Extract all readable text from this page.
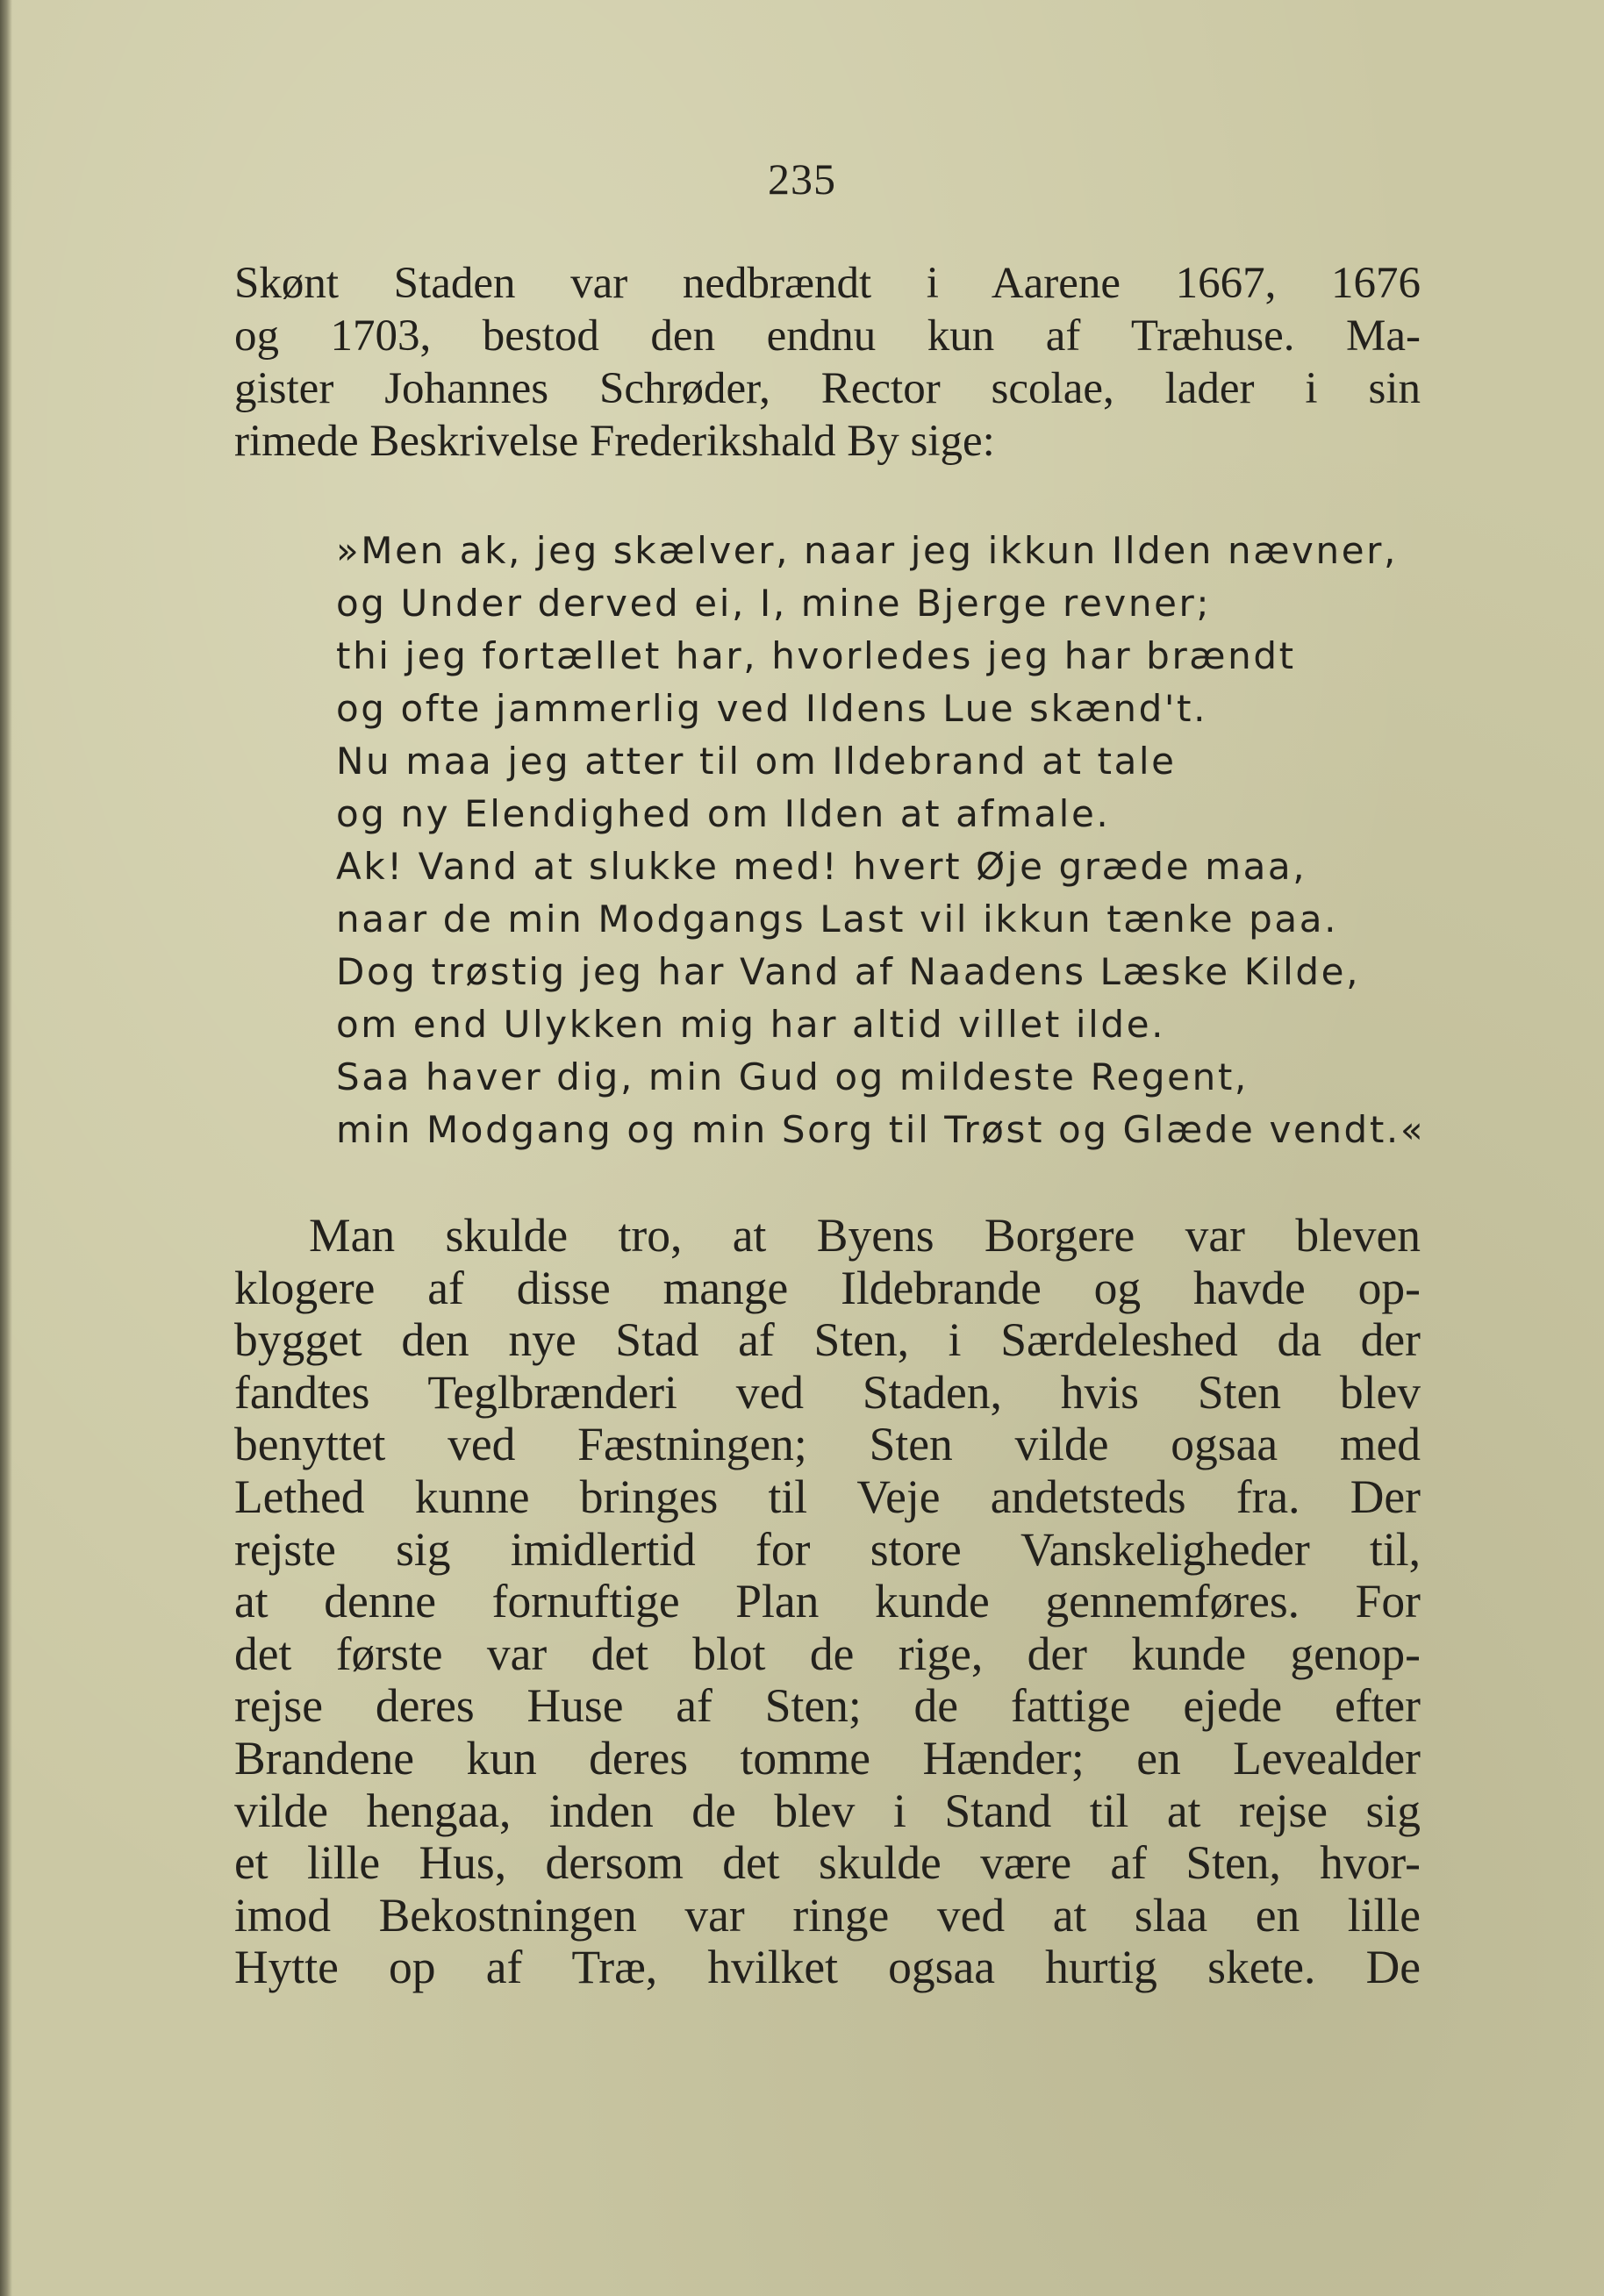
235

Skønt Staden var nedbrændt i Aarene 1667, 1676
og 1703, bestod den endnu kun af Træhuse. Ma-
gister Johannes Schrøder, Rector scolae, lader i sin
rimede Beskrivelse Frederikshald By sige:

»Men ak, jeg skælver, naar jeg ikkun Ilden nævner,
og Under derved ei, I, mine Bjerge revner;
thi jeg fortællet har, hvorledes jeg har brændt
og ofte jammerlig ved Ildens Lue skænd't.
Nu maa jeg atter til om Ildebrand at tale
og ny Elendighed om Ilden at afmale.
Ak! Vand at slukke med! hvert Øje græde maa,
naar de min Modgangs Last vil ikkun tænke paa.
Dog trøstig jeg har Vand af Naadens Læske Kilde,
om end Ulykken mig har altid villet ilde.
Saa haver dig, min Gud og mildeste Regent,
min Modgang og min Sorg til Trøst og Glæde vendt.«

Man skulde tro, at Byens Borgere var bleven
klogere af disse mange Ildebrande og havde op-
bygget den nye Stad af Sten, i Særdeleshed da der
fandtes Teglbrænderi ved Staden, hvis Sten blev
benyttet ved Fæstningen; Sten vilde ogsaa med
Lethed kunne bringes til Veje andetsteds fra. Der
rejste sig imidlertid for store Vanskeligheder til,
at denne fornuftige Plan kunde gennemføres. For
det første var det blot de rige, der kunde genop-
rejse deres Huse af Sten; de fattige ejede efter
Brandene kun deres tomme Hænder; en Levealder
vilde hengaa, inden de blev i Stand til at rejse sig
et lille Hus, dersom det skulde være af Sten, hvor-
imod Bekostningen var ringe ved at slaa en lille
Hytte op af Træ, hvilket ogsaa hurtig skete. De
